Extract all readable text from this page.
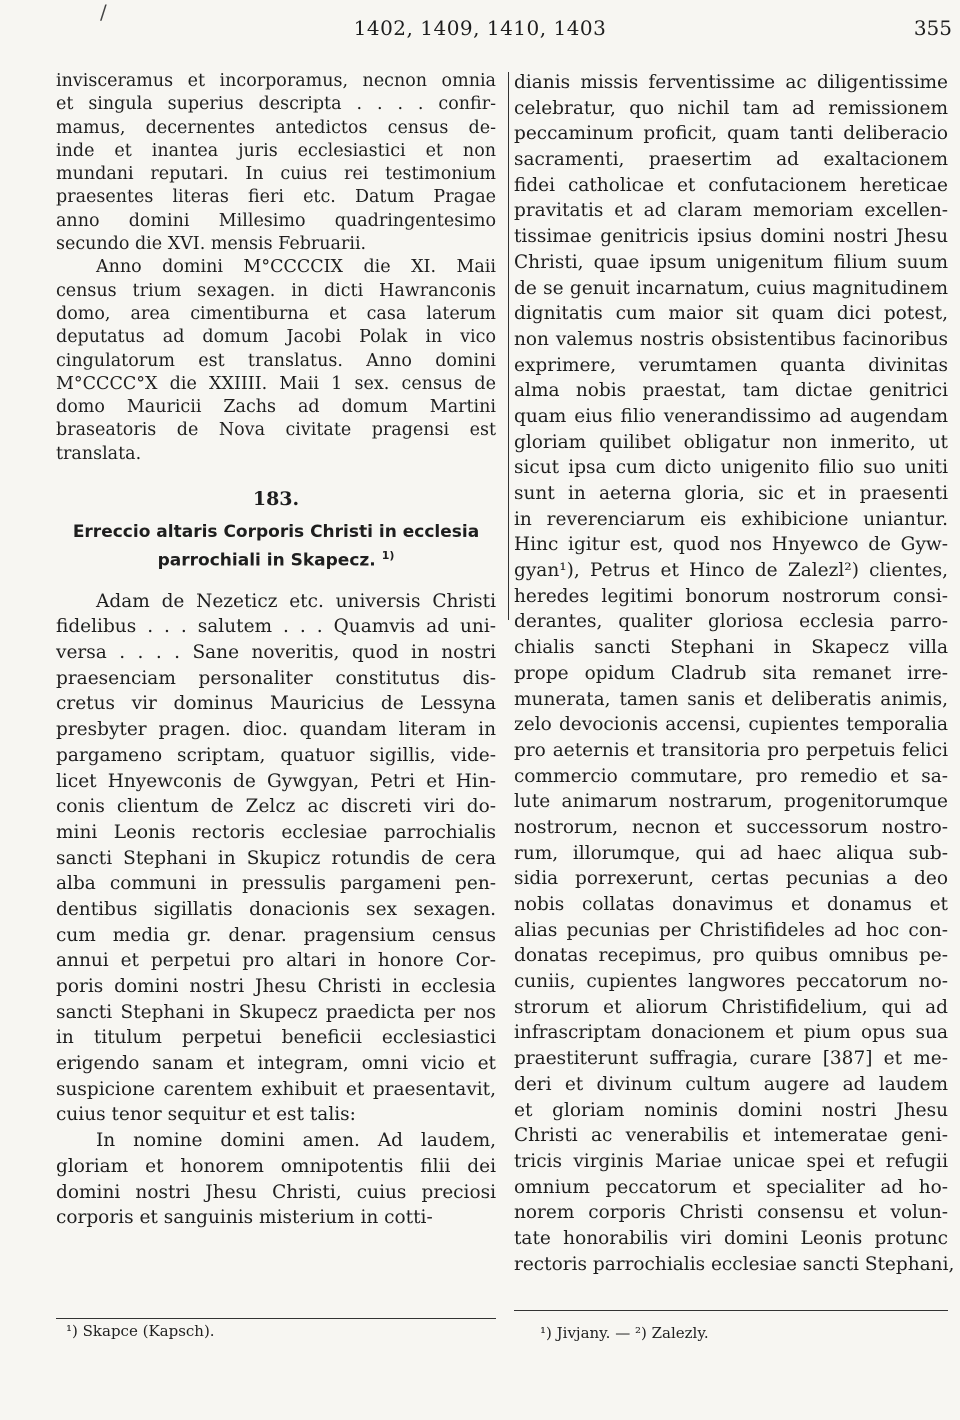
/
1402, 1409, 1410, 1403	355
invisceramus et incorporamus, necnon omnia
et singula superius descripta . . . . confir-
mamus, decernentes antedictos census de-
inde et inantea juris ecclesiastici et non
mundani reputari. In cuius rei testimonium
praesentes literas fieri etc. Datum Pragae
anno domini Millesimo quadringentesimo
secundo die XVI. mensis Februarii.
Anno domini M°CCCCIX die XI. Maii
census trium sexagen. in dicti Hawranconis
domo, area cimentiburna et casa laterum
deputatus ad domum Jacobi Polak in vico
cingulatorum est translatus. Anno domini
M°CCCC°X die XXIIII. Maii 1 sex. census de
domo Mauricii Zachs ad domum Martini
braseatoris de Nova civitate pragensi est
translata.
183.
Erreccio altaris Corporis Christi in ecclesia
parrochiali in Skapecz. $^{1)}$
Adam de Nezeticz etc. universis Christi
fidelibus . . . salutem . . . Quamvis ad uni-
versa . . . . Sane noveritis, quod in nostri
praesenciam personaliter constitutus dis-
cretus vir dominus Mauricius de Lessyna
presbyter pragen. dioc. quandam literam in
pargameno scriptam, quatuor sigillis, vide-
licet Hnyewconis de Gywgyan, Petri et Hin-
conis clientum de Zelcz ac discreti viri do-
mini Leonis rectoris ecclesiae parrochialis
sancti Stephani in Skupicz rotundis de cera
alba communi in pressulis pargameni pen-
dentibus sigillatis donacionis sex sexagen.
cum media gr. denar. pragensium census
annui et perpetui pro altari in honore Cor-
poris domini nostri Jhesu Christi in ecclesia
sancti Stephani in Skupecz praedicta per nos
in titulum perpetui beneficii ecclesiastici
erigendo sanam et integram, omni vicio et
suspicione carentem exhibuit et praesentavit,
cuius tenor sequitur et est talis:
In nomine domini amen. Ad laudem,
gloriam et honorem omnipotentis filii dei
domini nostri Jhesu Christi, cuius preciosi
corporis et sanguinis misterium in cotti-
dianis missis ferventissime ac diligentissime
celebratur, quo nichil tam ad remissionem
peccaminum proficit, quam tanti deliberacio
sacramenti, praesertim ad exaltacionem
fidei catholicae et confutacionem hereticae
pravitatis et ad claram memoriam excellen-
tissimae genitricis ipsius domini nostri Jhesu
Christi, quae ipsum unigenitum filium suum
de se genuit incarnatum, cuius magnitudinem
dignitatis cum maior sit quam dici potest,
non valemus nostris obsistentibus facinoribus
exprimere, verumtamen quanta divinitas
alma nobis praestat, tam dictae genitrici
quam eius filio venerandissimo ad augendam
gloriam quilibet obligatur non inmerito, ut
sicut ipsa cum dicto unigenito filio suo uniti
sunt in aeterna gloria, sic et in praesenti
in reverenciarum eis exhibicione uniantur.
Hinc igitur est, quod nos Hnyewco de Gyw-
gyan¹), Petrus et Hinco de Zalezl²) clientes,
heredes legitimi bonorum nostrorum consi-
derantes, qualiter gloriosa ecclesia parro-
chialis sancti Stephani in Skapecz villa
prope opidum Cladrub sita remanet irre-
munerata, tamen sanis et deliberatis animis,
zelo devocionis accensi, cupientes temporalia
pro aeternis et transitoria pro perpetuis felici
commercio commutare, pro remedio et sa-
lute animarum nostrarum, progenitorumque
nostrorum, necnon et successorum nostro-
rum, illorumque, qui ad haec aliqua sub-
sidia porrexerunt, certas pecunias a deo
nobis collatas donavimus et donamus et
alias pecunias per Christifideles ad hoc con-
donatas recepimus, pro quibus omnibus pe-
cuniis, cupientes langwores peccatorum no-
strorum et aliorum Christifidelium, qui ad
infrascriptam donacionem et pium opus sua
praestiterunt suffragia, curare [387] et me-
deri et divinum cultum augere ad laudem
et gloriam nominis domini nostri Jhesu
Christi ac venerabilis et intemeratae geni-
tricis virginis Mariae unicae spei et refugii
omnium peccatorum et specialiter ad ho-
norem corporis Christi consensu et volun-
tate honorabilis viri domini Leonis protunc
rectoris parrochialis ecclesiae sancti Stephani,
¹) Skapce (Kapsch).	¹) Jivjany. — ²) Zalezly.
